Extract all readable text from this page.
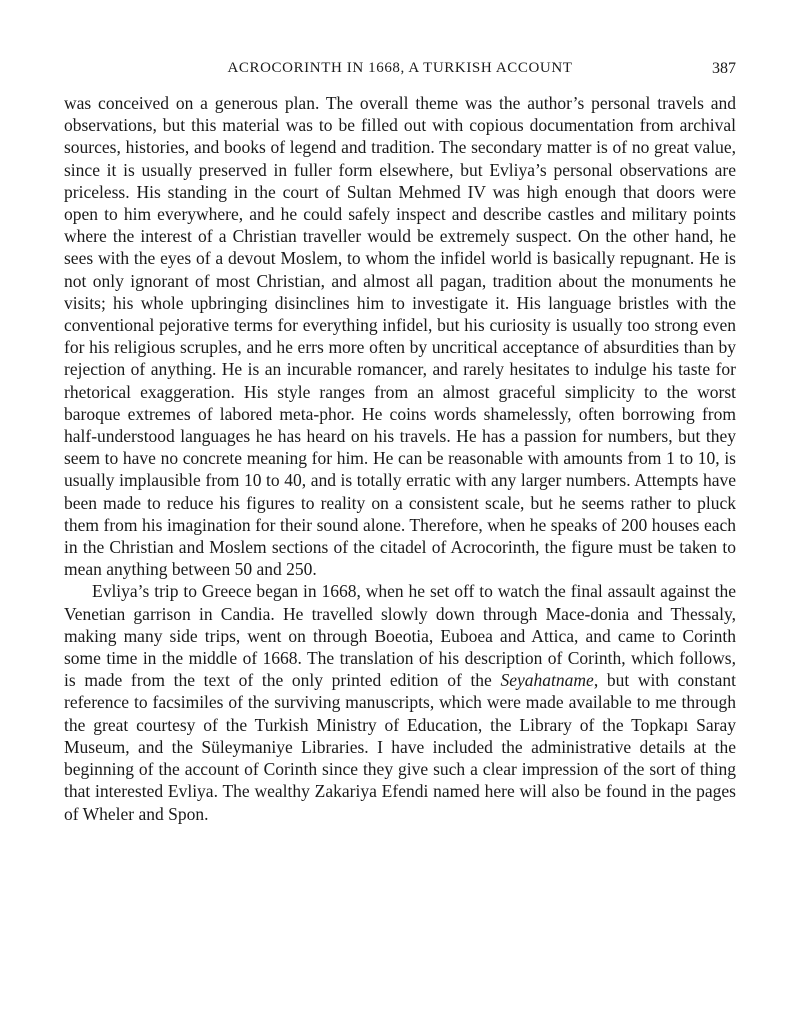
ACROCORINTH IN 1668, A TURKISH ACCOUNT	387

was conceived on a generous plan. The overall theme was the author’s personal travels and observations, but this material was to be filled out with copious documentation from archival sources, histories, and books of legend and tradition. The secondary matter is of no great value, since it is usually preserved in fuller form elsewhere, but Evliya’s personal observations are priceless. His standing in the court of Sultan Mehmed IV was high enough that doors were open to him everywhere, and he could safely inspect and describe castles and military points where the interest of a Christian traveller would be extremely suspect. On the other hand, he sees with the eyes of a devout Moslem, to whom the infidel world is basically repugnant. He is not only ignorant of most Christian, and almost all pagan, tradition about the monuments he visits; his whole upbringing disinclines him to investigate it. His language bristles with the conventional pejorative terms for everything infidel, but his curiosity is usually too strong even for his religious scruples, and he errs more often by uncritical acceptance of absurdities than by rejection of anything. He is an incurable romancer, and rarely hesitates to indulge his taste for rhetorical exaggeration. His style ranges from an almost graceful simplicity to the worst baroque extremes of labored meta-phor. He coins words shamelessly, often borrowing from half-understood languages he has heard on his travels. He has a passion for numbers, but they seem to have no concrete meaning for him. He can be reasonable with amounts from 1 to 10, is usually implausible from 10 to 40, and is totally erratic with any larger numbers. Attempts have been made to reduce his figures to reality on a consistent scale, but he seems rather to pluck them from his imagination for their sound alone. Therefore, when he speaks of 200 houses each in the Christian and Moslem sections of the citadel of Acrocorinth, the figure must be taken to mean anything between 50 and 250.

Evliya’s trip to Greece began in 1668, when he set off to watch the final assault against the Venetian garrison in Candia. He travelled slowly down through Mace-donia and Thessaly, making many side trips, went on through Boeotia, Euboea and Attica, and came to Corinth some time in the middle of 1668. The translation of his description of Corinth, which follows, is made from the text of the only printed edition of the Seyahatname, but with constant reference to facsimiles of the surviving manuscripts, which were made available to me through the great courtesy of the Turkish Ministry of Education, the Library of the Topkapı Saray Museum, and the Süleymaniye Libraries. I have included the administrative details at the beginning of the account of Corinth since they give such a clear impression of the sort of thing that interested Evliya. The wealthy Zakariya Efendi named here will also be found in the pages of Wheler and Spon.
